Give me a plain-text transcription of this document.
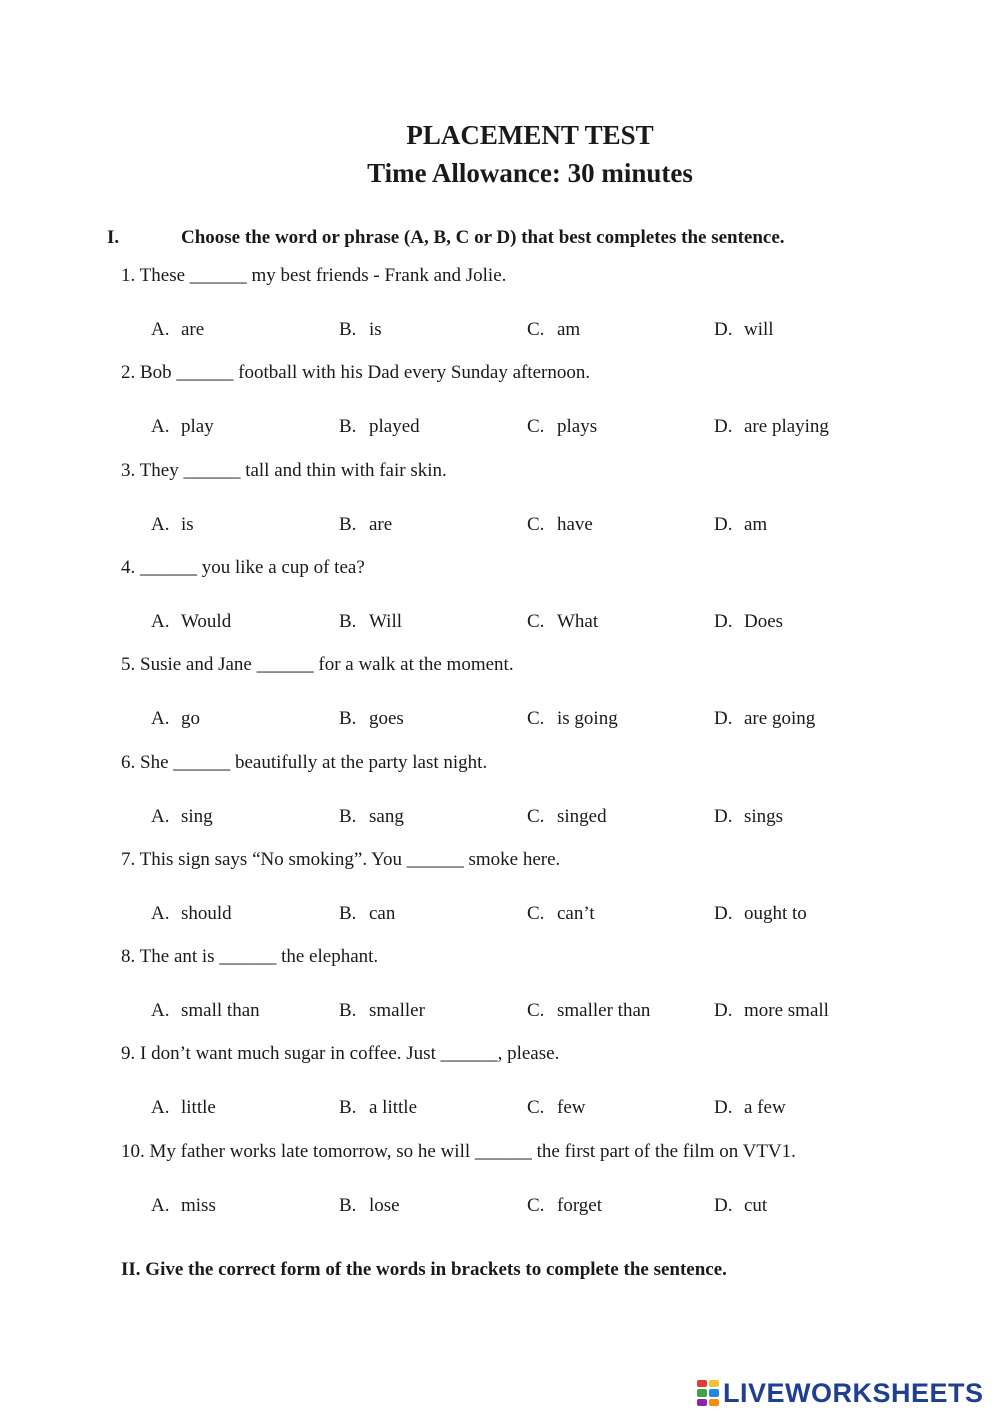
PLACEMENT TEST
Time Allowance: 30 minutes
I.	Choose the word or phrase (A, B, C or D) that best completes the sentence.
1. These ______ my best friends - Frank and Jolie.
A. are	B. is	C. am	D. will
2. Bob ______ football with his Dad every Sunday afternoon.
A. play	B. played	C. plays	D. are playing
3. They ______ tall and thin with fair skin.
A. is	B. are	C. have	D. am
4. ______ you like a cup of tea?
A. Would	B. Will	C. What	D. Does
5. Susie and Jane ______ for a walk at the moment.
A. go	B. goes	C. is going	D. are going
6. She ______ beautifully at the party last night.
A. sing	B. sang	C. singed	D. sings
7. This sign says “No smoking”. You ______ smoke here.
A. should	B. can	C. can’t	D. ought to
8. The ant is ______ the elephant.
A. small than	B. smaller	C. smaller than	D. more small
9. I don’t want much sugar in coffee. Just ______, please.
A. little	B. a little	C. few	D. a few
10. My father works late tomorrow, so he will ______ the first part of the film on VTV1.
A. miss	B. lose	C. forget	D. cut
II. Give the correct form of the words in brackets to complete the sentence.
LIVEWORKSHEETS
